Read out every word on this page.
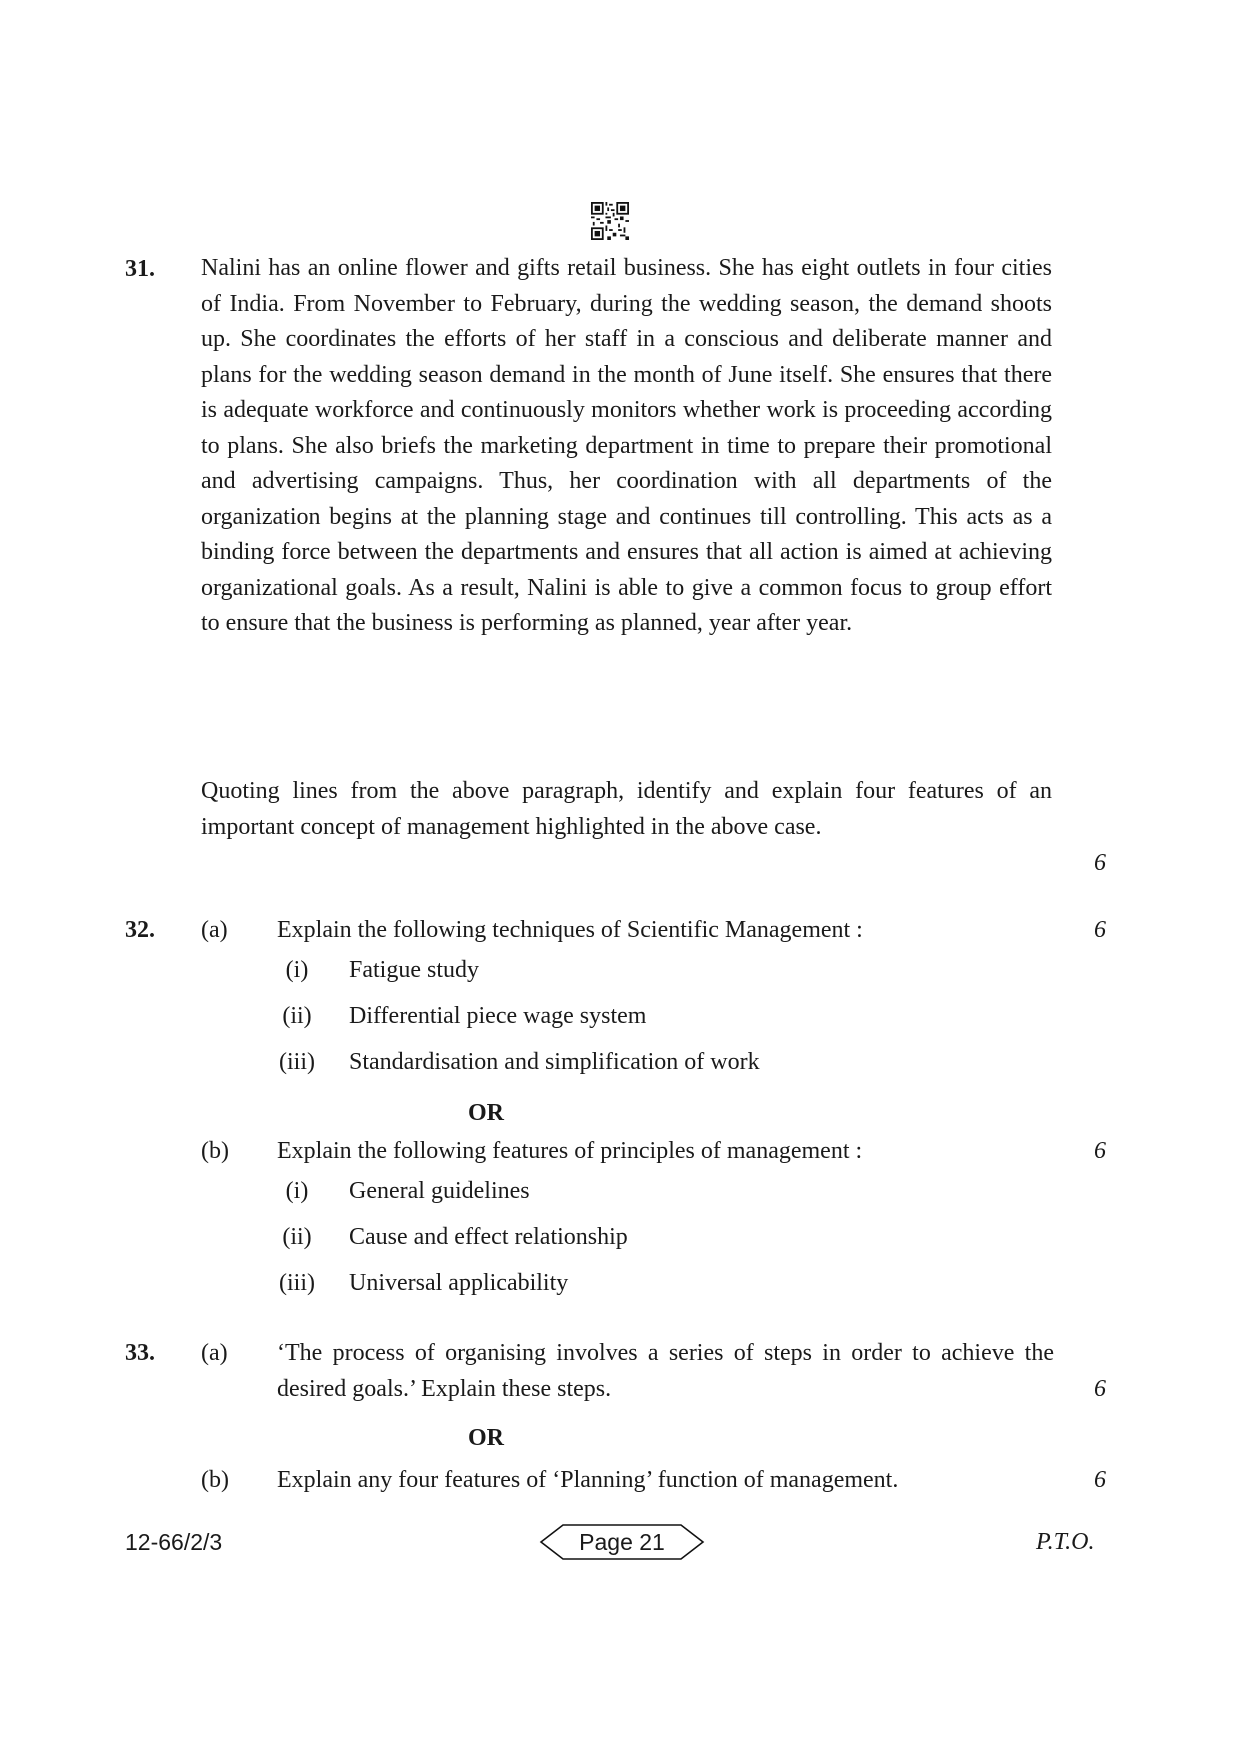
31. Nalini has an online flower and gifts retail business. She has eight outlets in four cities of India. From November to February, during the wedding season, the demand shoots up. She coordinates the efforts of her staff in a conscious and deliberate manner and plans for the wedding season demand in the month of June itself. She ensures that there is adequate workforce and continuously monitors whether work is proceeding according to plans. She also briefs the marketing department in time to prepare their promotional and advertising campaigns. Thus, her coordination with all departments of the organization begins at the planning stage and continues till controlling. This acts as a binding force between the departments and ensures that all action is aimed at achieving organizational goals. As a result, Nalini is able to give a common focus to group effort to ensure that the business is performing as planned, year after year.

Quoting lines from the above paragraph, identify and explain four features of an important concept of management highlighted in the above case.

6
32. (a) Explain the following techniques of Scientific Management :	6
(i)	Fatigue study
(ii)	Differential piece wage system
(iii) Standardisation and simplification of work
OR
(b) Explain the following features of principles of management :	6
(i)	General guidelines
(ii)	Cause and effect relationship
(iii) Universal applicability
33. (a) ‘The process of organising involves a series of steps in order to achieve the desired goals.’ Explain these steps.	6
OR
(b) Explain any four features of ‘Planning’ function of management.	6
12-66/2/3	Page 21	P.T.O.
